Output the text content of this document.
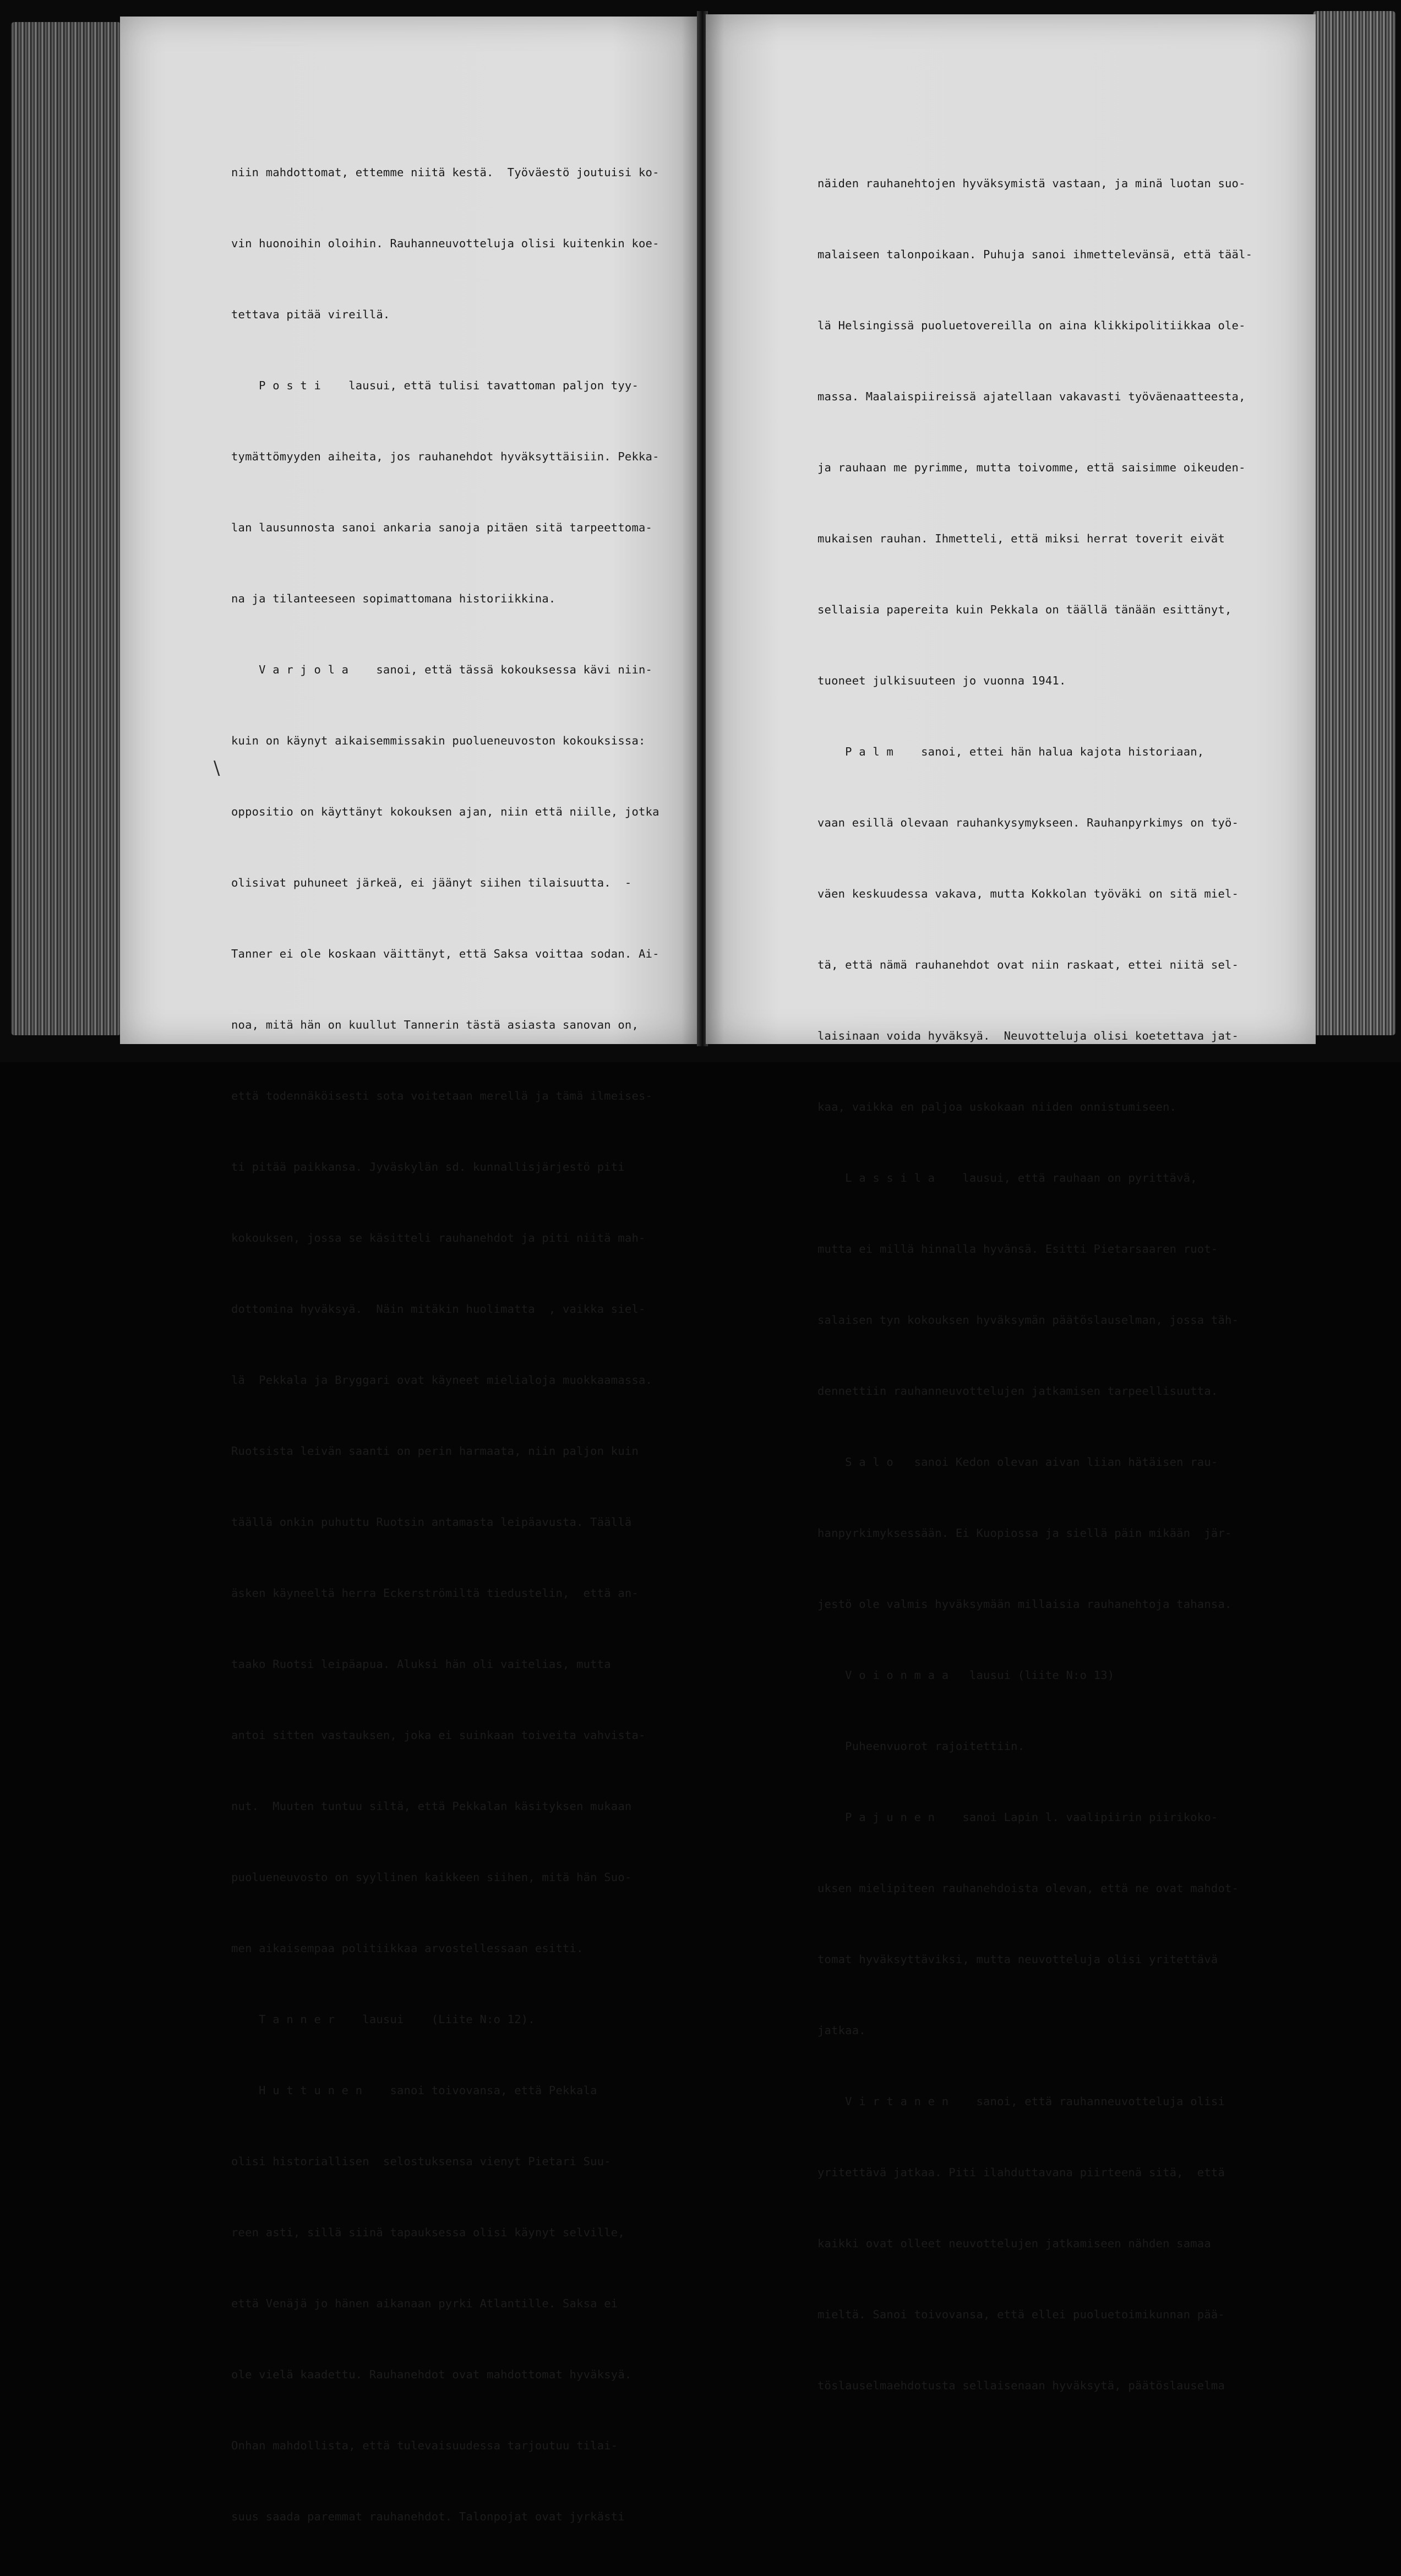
\

niin mahdottomat, ettemme niitä kestä.  Työväestö joutuisi ko-

vin huonoihin oloihin. Rauhanneuvotteluja olisi kuitenkin koe-

tettava pitää vireillä.

P o s t i    lausui, että tulisi tavattoman paljon tyy-

tymättömyyden aiheita, jos rauhanehdot hyväksyttäisiin. Pekka-

lan lausunnosta sanoi ankaria sanoja pitäen sitä tarpeettoma-

na ja tilanteeseen sopimattomana historiikkina.

V a r j o l a    sanoi, että tässä kokouksessa kävi niin-

kuin on käynyt aikaisemmissakin puolueneuvoston kokouksissa:

oppositio on käyttänyt kokouksen ajan, niin että niille, jotka

olisivat puhuneet järkeä, ei jäänyt siihen tilaisuutta.  -

Tanner ei ole koskaan väittänyt, että Saksa voittaa sodan. Ai-

noa, mitä hän on kuullut Tannerin tästä asiasta sanovan on,

että todennäköisesti sota voitetaan merellä ja tämä ilmeises-

ti pitää paikkansa. Jyväskylän sd. kunnallisjärjestö piti

kokouksen, jossa se käsitteli rauhanehdot ja piti niitä mah-

dottomina hyväksyä.  Näin mitäkin huolimatta  , vaikka siel-

lä  Pekkala ja Bryggari ovat käyneet mielialoja muokkaamassa.

Ruotsista leivän saanti on perin harmaata, niin paljon kuin

täällä onkin puhuttu Ruotsin antamasta leipäavusta. Täällä

äsken käyneeltä herra Eckerströmiltä tiedustelin,  että an-

taako Ruotsi leipäapua. Aluksi hän oli vaitelias, mutta

antoi sitten vastauksen, joka ei suinkaan toiveita vahvista-

nut.  Muuten tuntuu siltä, että Pekkalan käsityksen mukaan

puolueneuvosto on syyllinen kaikkeen siihen, mitä hän Suo-

men aikaisempaa politiikkaa arvostellessaan esitti.

T a n n e r    lausui    (Liite N:o 12).

H u t t u n e n    sanoi toivovansa, että Pekkala

olisi historiallisen  selostuksensa vienyt Pietari Suu-

reen asti, sillä siinä tapauksessa olisi käynyt selville,

että Venäjä jo hänen aikanaan pyrki Atlantille. Saksa ei

ole vielä kaadettu. Rauhanehdot ovat mahdottomat hyväksyä.

Onhan mahdollista, että tulevaisuudessa tarjoutuu tilai-

suus saada paremmat rauhanehdot. Talonpojat ovat jyrkästi

näiden rauhanehtojen hyväksymistä vastaan, ja minä luotan suo-

malaiseen talonpoikaan. Puhuja sanoi ihmettelevänsä, että tääl-

lä Helsingissä puoluetovereilla on aina klikkipolitiikkaa ole-

massa. Maalaispiireissä ajatellaan vakavasti työväenaatteesta,

ja rauhaan me pyrimme, mutta toivomme, että saisimme oikeuden-

mukaisen rauhan. Ihmetteli, että miksi herrat toverit eivät

sellaisia papereita kuin Pekkala on täällä tänään esittänyt,

tuoneet julkisuuteen jo vuonna 1941.

P a l m    sanoi, ettei hän halua kajota historiaan,

vaan esillä olevaan rauhankysymykseen. Rauhanpyrkimys on työ-

väen keskuudessa vakava, mutta Kokkolan työväki on sitä miel-

tä, että nämä rauhanehdot ovat niin raskaat, ettei niitä sel-

laisinaan voida hyväksyä.  Neuvotteluja olisi koetettava jat-

kaa, vaikka en paljoa uskokaan niiden onnistumiseen.

L a s s i l a    lausui, että rauhaan on pyrittävä,

mutta ei millä hinnalla hyvänsä. Esitti Pietarsaaren ruot-

salaisen tyn kokouksen hyväksymän päätöslauselman, jossa täh-

dennettiin rauhanneuvottelujen jatkamisen tarpeellisuutta.

S a l o   sanoi Kedon olevan aivan liian hätäisen rau-

hanpyrkimyksessään. Ei Kuopiossa ja siellä päin mikään  jär-

jestö ole valmis hyväksymään millaisia rauhanehtoja tahansa.

V o i o n m a a   lausui (liite N:o 13)

Puheenvuorot rajoitettiin.

P a j u n e n    sanoi Lapin l. vaalipiirin piirikoko-

uksen mielipiteen rauhanehdoista olevan, että ne ovat mahdot-

tomat hyväksyttäviksi, mutta neuvotteluja olisi yritettävä

jatkaa.

V i r t a n e n    sanoi, että rauhanneuvotteluja olisi

yritettävä jatkaa. Piti ilahduttavana piirteenä sitä,  että

kaikki ovat olleet neuvottelujen jatkamiseen nähden samaa

mieltä. Sanoi toivovansa, että ellei puoluetoimikunnan pää-

töslauselmaehdotusta sellaisenaan hyväksytä, päätöslauselma
